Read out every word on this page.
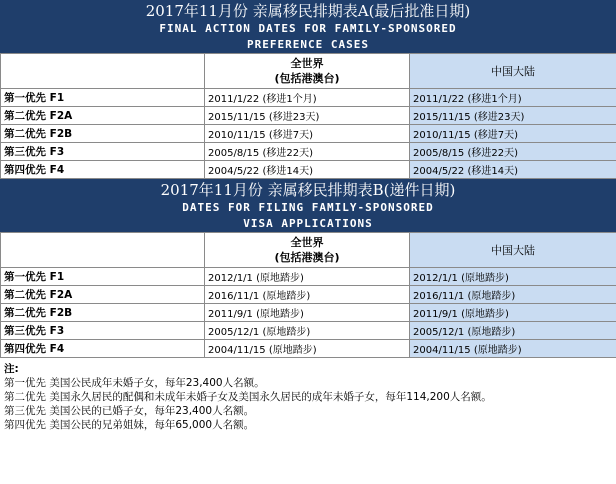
2017年11月份 亲属移民排期表A(最后批准日期)
FINAL ACTION DATES FOR FAMILY-SPONSORED
PREFERENCE CASES

	全世界
(包括港澳台)	中国大陆
第一优先 F1	2011/1/22 (移进1个月)	2011/1/22 (移进1个月)
第二优先 F2A	2015/11/15 (移进23天)	2015/11/15 (移进23天)
第二优先 F2B	2010/11/15 (移进7天)	2010/11/15 (移进7天)
第三优先 F3	2005/8/15 (移进22天)	2005/8/15 (移进22天)
第四优先 F4	2004/5/22 (移进14天)	2004/5/22 (移进14天)
2017年11月份 亲属移民排期表B(递件日期)
DATES FOR FILING FAMILY-SPONSORED
VISA APPLICATIONS

	全世界
(包括港澳台)	中国大陆
第一优先 F1	2012/1/1 (原地踏步)	2012/1/1 (原地踏步)
第二优先 F2A	2016/11/1 (原地踏步)	2016/11/1 (原地踏步)
第二优先 F2B	2011/9/1 (原地踏步)	2011/9/1 (原地踏步)
第三优先 F3	2005/12/1 (原地踏步)	2005/12/1 (原地踏步)
第四优先 F4	2004/11/15 (原地踏步)	2004/11/15 (原地踏步)
注:
第一优先 美国公民成年未婚子女，每年23,400人名额。
第二优先 美国永久居民的配偶和未成年未婚子女及美国永久居民的成年未婚子女，每年114,200人名额。
第三优先 美国公民的已婚子女，每年23,400人名额。
第四优先 美国公民的兄弟姐妹，每年65,000人名额。
